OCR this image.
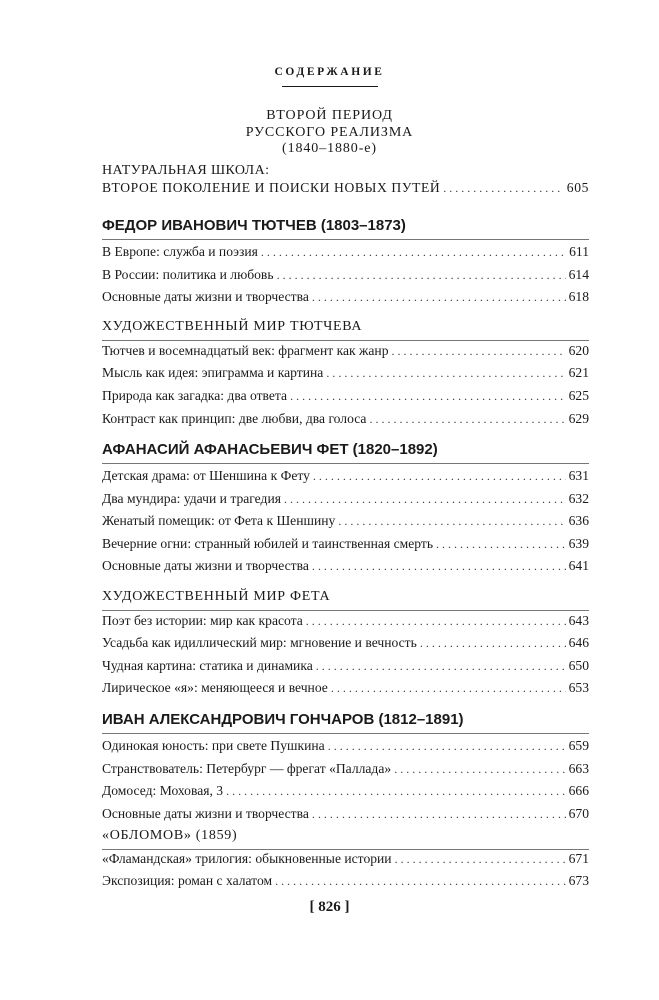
СОДЕРЖАНИЕ
ВТОРОЙ ПЕРИОД
РУССКОГО РЕАЛИЗМА
(1840–1880-е)
НАТУРАЛЬНАЯ ШКОЛА:
ВТОРОЕ ПОКОЛЕНИЕ И ПОИСКИ НОВЫХ ПУТЕЙ . . .	605
ФЕДОР ИВАНОВИЧ ТЮТЧЕВ (1803–1873)
В Европе: служба и поэзия . . .	611
В России: политика и любовь . . .	614
Основные даты жизни и творчества . . .	618
ХУДОЖЕСТВЕННЫЙ МИР ТЮТЧЕВА
Тютчев и восемнадцатый век: фрагмент как жанр . . .	620
Мысль как идея: эпиграмма и картина . . .	621
Природа как загадка: два ответа . . .	625
Контраст как принцип: две любви, два голоса . . .	629
АФАНАСИЙ АФАНАСЬЕВИЧ ФЕТ (1820–1892)
Детская драма: от Шеншина к Фету . . .	631
Два мундира: удачи и трагедия . . .	632
Женатый помещик: от Фета к Шеншину . . .	636
Вечерние огни: странный юбилей и таинственная смерть . . .	639
Основные даты жизни и творчества . . .	641
ХУДОЖЕСТВЕННЫЙ МИР ФЕТА
Поэт без истории: мир как красота . . .	643
Усадьба как идиллический мир: мгновение и вечность . . .	646
Чудная картина: статика и динамика . . .	650
Лирическое «я»: меняющееся и вечное . . .	653
ИВАН АЛЕКСАНДРОВИЧ ГОНЧАРОВ (1812–1891)
Одинокая юность: при свете Пушкина . . .	659
Странствователь: Петербург — фрегат «Паллада» . . .	663
Домосед: Моховая, 3 . . .	666
Основные даты жизни и творчества . . .	670
«ОБЛОМОВ» (1859)
«Фламандская» трилогия: обыкновенные истории . . .	671
Экспозиция: роман с халатом . . .	673
[ 826 ]
